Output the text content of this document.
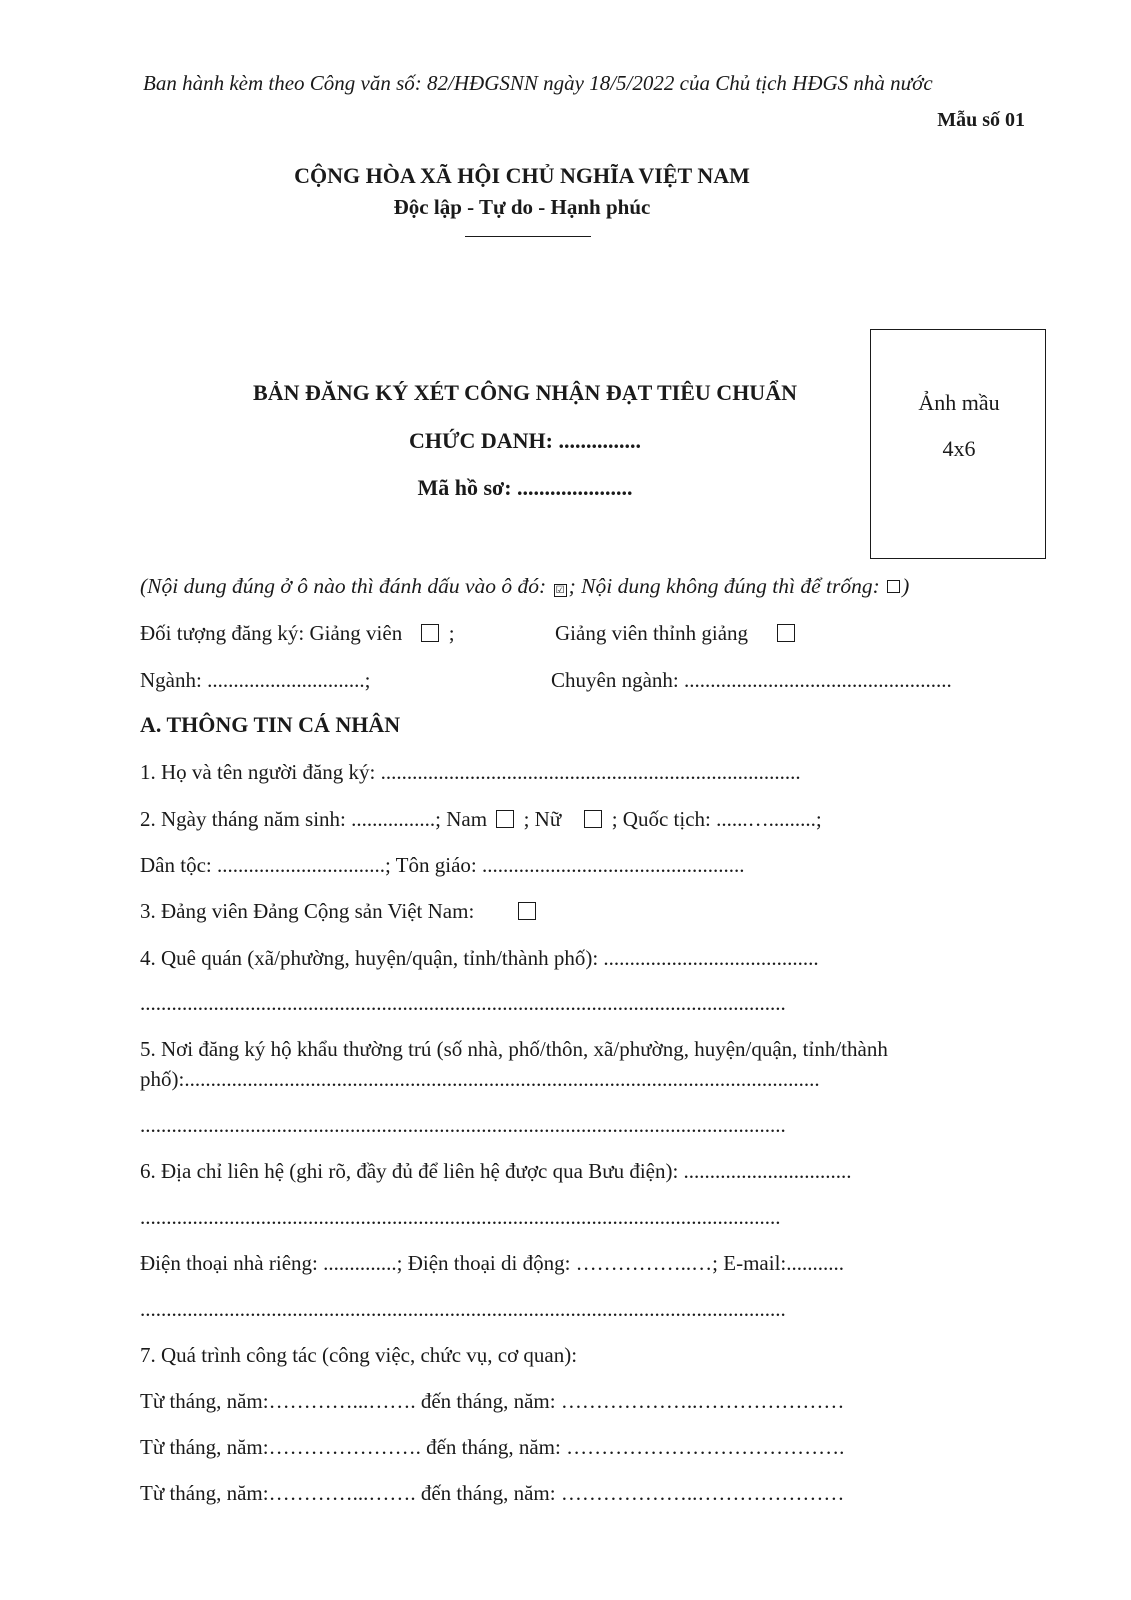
Ban hành kèm theo Công văn số: 82/HĐGSNN ngày 18/5/2022 của Chủ tịch HĐGS nhà nước
Mẫu số 01
CỘNG HÒA XÃ HỘI CHỦ NGHĨA VIỆT NAM
Độc lập - Tự do - Hạnh phúc
BẢN ĐĂNG KÝ XÉT CÔNG NHẬN ĐẠT TIÊU CHUẨN
CHỨC DANH: ...............
Mã hồ sơ: .....................
Ảnh mầu
4x6
(Nội dung đúng ở ô nào thì đánh dấu vào ô đó: ☑ ; Nội dung không đúng thì để trống: )
Đối tượng đăng ký: Giảng viên ;	Giảng viên thỉnh giảng
Ngành: ..............................;	Chuyên ngành: ...................................................
A. THÔNG TIN CÁ NHÂN
1. Họ và tên người đăng ký: ................................................................................
2. Ngày tháng năm sinh: ................; Nam ; Nữ ; Quốc tịch: ......….........;
Dân tộc: ................................; Tôn giáo: ..................................................
3. Đảng viên Đảng Cộng sản Việt Nam:
4. Quê quán (xã/phường, huyện/quận, tỉnh/thành phố): .........................................
...........................................................................................................................
5. Nơi đăng ký hộ khẩu thường trú (số nhà, phố/thôn, xã/phường, huyện/quận, tỉnh/thành
phố):.........................................................................................................................
...........................................................................................................................
6. Địa chỉ liên hệ (ghi rõ, đầy đủ để liên hệ được qua Bưu điện): ................................
..........................................................................................................................
Điện thoại nhà riêng: ..............; Điện thoại di động: ……………..…; E-mail:...........
...........................................................................................................................
7. Quá trình công tác (công việc, chức vụ, cơ quan):
Từ tháng, năm:…………...……. đến tháng, năm: ………………..…………………
Từ tháng, năm:…………………. đến tháng, năm: ………………………………….
Từ tháng, năm:…………...……. đến tháng, năm: ………………..…………………
